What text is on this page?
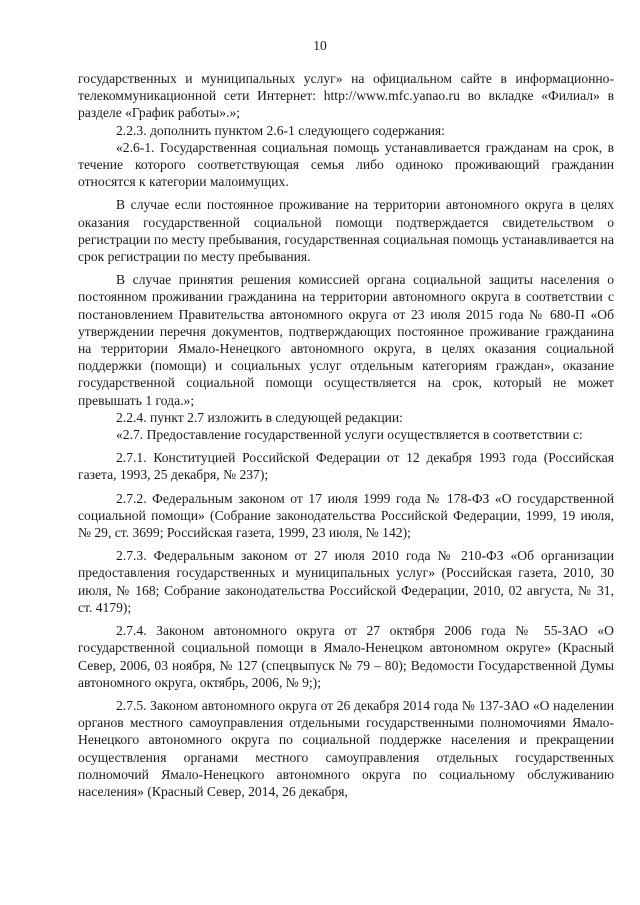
10

государственных и муниципальных услуг» на официальном сайте в информационно-телекоммуникационной сети Интернет: http://www.mfc.yanao.ru во вкладке «Филиал» в разделе «График работы».»;

2.2.3. дополнить пунктом 2.6-1 следующего содержания:

«2.6-1. Государственная социальная помощь устанавливается гражданам на срок, в течение которого соответствующая семья либо одиноко проживающий гражданин относятся к категории малоимущих.

В случае если постоянное проживание на территории автономного округа в целях оказания государственной социальной помощи подтверждается свидетельством о регистрации по месту пребывания, государственная социальная помощь устанавливается на срок регистрации по месту пребывания.

В случае принятия решения комиссией органа социальной защиты населения о постоянном проживании гражданина на территории автономного округа в соответствии с постановлением Правительства автономного округа от 23 июля 2015 года № 680-П «Об утверждении перечня документов, подтверждающих постоянное проживание гражданина на территории Ямало-Ненецкого автономного округа, в целях оказания социальной поддержки (помощи) и социальных услуг отдельным категориям граждан», оказание государственной социальной помощи осуществляется на срок, который не может превышать 1 года.»;

2.2.4. пункт 2.7 изложить в следующей редакции:

«2.7. Предоставление государственной услуги осуществляется в соответствии с:

2.7.1. Конституцией Российской Федерации от 12 декабря 1993 года (Российская газета, 1993, 25 декабря, № 237);

2.7.2. Федеральным законом от 17 июля 1999 года № 178-ФЗ «О государственной социальной помощи» (Собрание законодательства Российской Федерации, 1999, 19 июля, № 29, ст. 3699; Российская газета, 1999, 23 июля, № 142);

2.7.3. Федеральным законом от 27 июля 2010 года № 210-ФЗ «Об организации предоставления государственных и муниципальных услуг» (Российская газета, 2010, 30 июля, № 168; Собрание законодательства Российской Федерации, 2010, 02 августа, № 31, ст. 4179);

2.7.4. Законом автономного округа от 27 октября 2006 года № 55-ЗАО «О государственной социальной помощи в Ямало-Ненецком автономном округе» (Красный Север, 2006, 03 ноября, № 127 (спецвыпуск № 79 – 80); Ведомости Государственной Думы автономного округа, октябрь, 2006, № 9;);

2.7.5. Законом автономного округа от 26 декабря 2014 года № 137-ЗАО «О наделении органов местного самоуправления отдельными государственными полномочиями Ямало-Ненецкого автономного округа по социальной поддержке населения и прекращении осуществления органами местного самоуправления отдельных государственных полномочий Ямало-Ненецкого автономного округа по социальному обслуживанию населения» (Красный Север, 2014, 26 декабря,
